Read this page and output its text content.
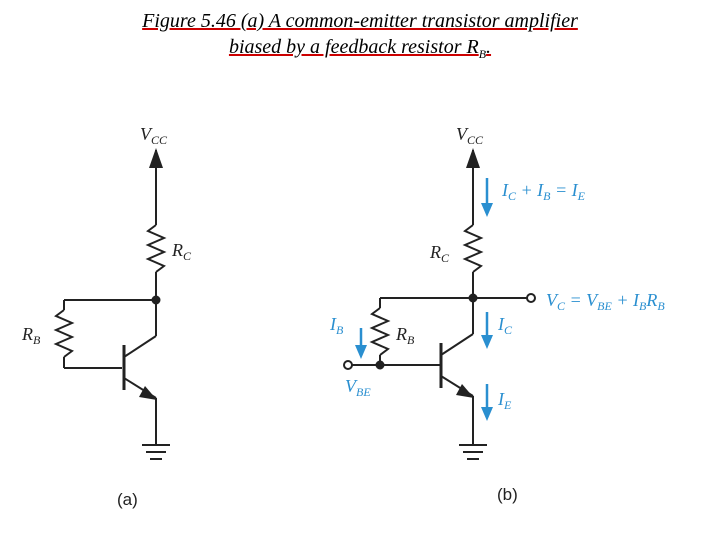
Figure 5.46 (a) A common-emitter transistor amplifier
biased by a feedback resistor $R_B$.
$V_{CC}$
$R_C$
$R_B$
(a)
$V_{CC}$
$R_C$
$R_B$
$I_C + I_B = I_E$
$V_C = V_{BE} + I_BR_B$
$I_B$	$I_C$
$I_E$
$V_{BE}$
(b)
